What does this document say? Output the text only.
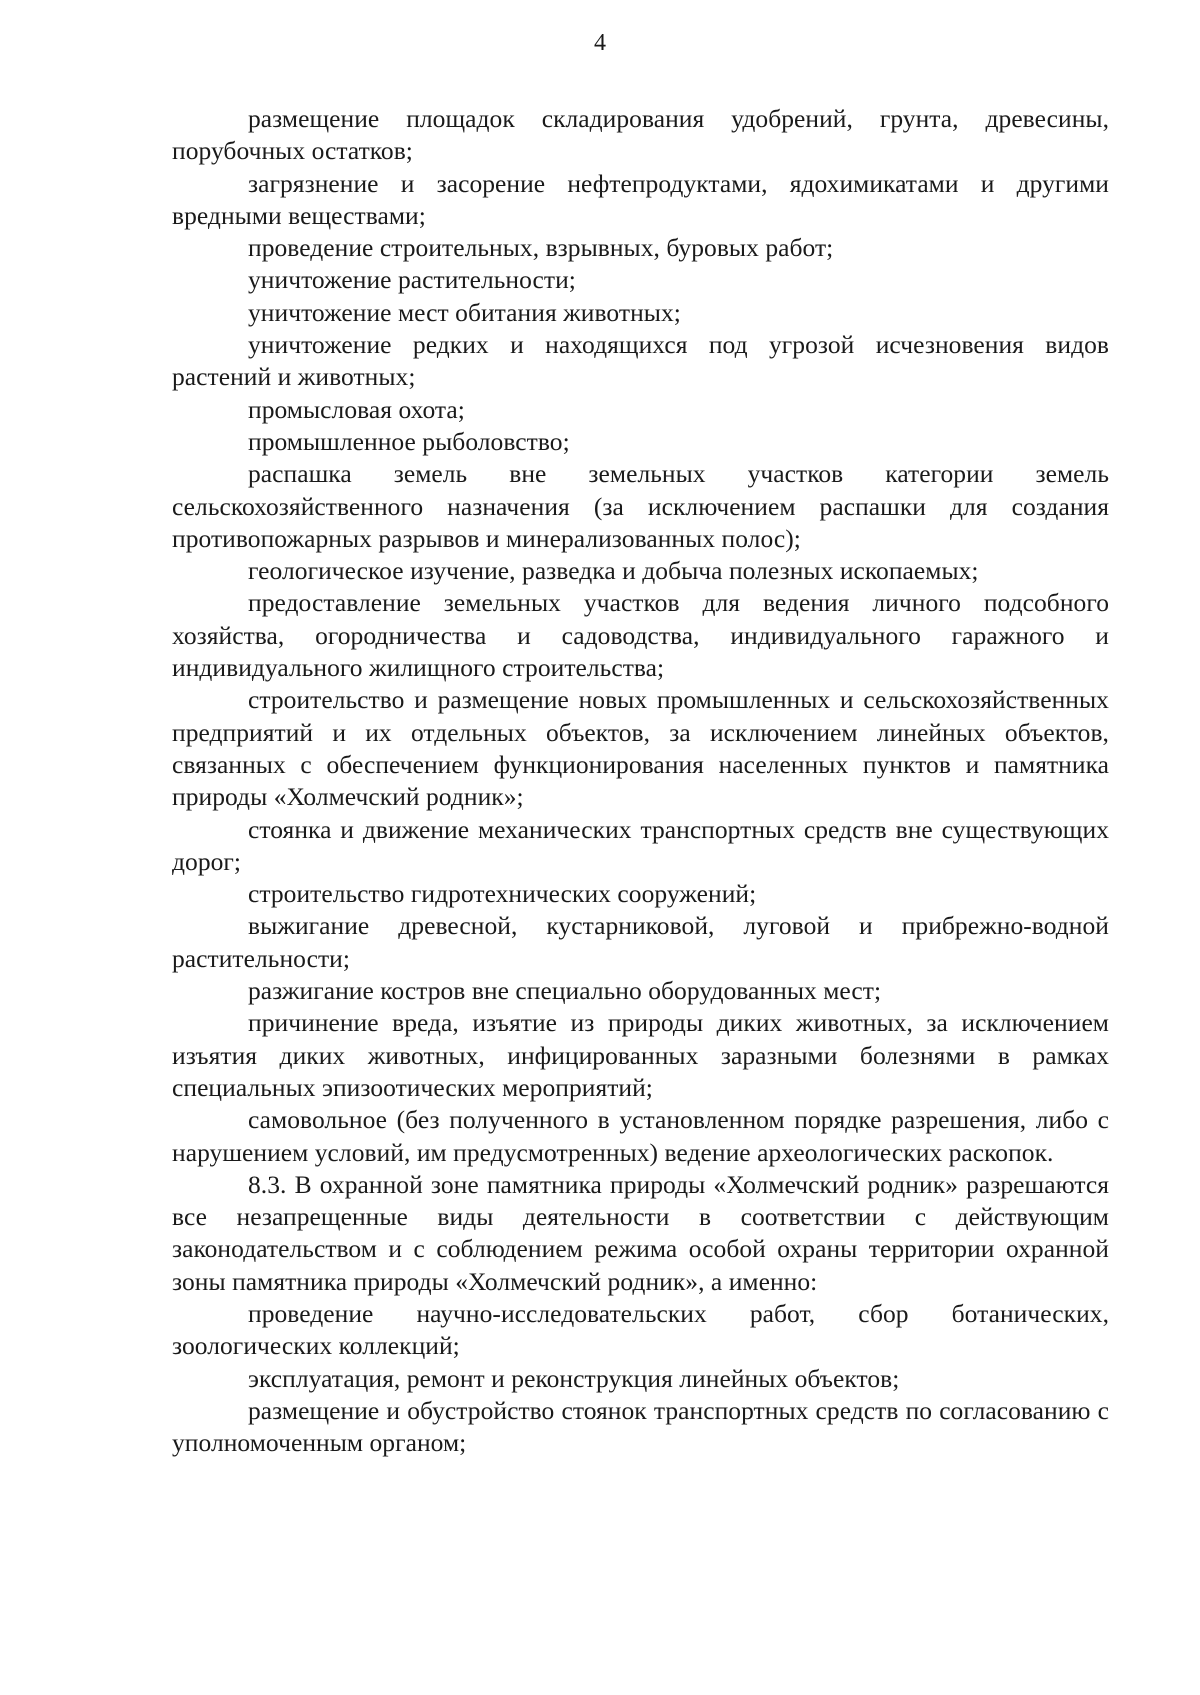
4

размещение площадок складирования удобрений, грунта, древесины, порубочных остатков;

загрязнение и засорение нефтепродуктами, ядохимикатами и другими вредными веществами;

проведение строительных, взрывных, буровых работ;

уничтожение растительности;

уничтожение мест обитания животных;

уничтожение редких и находящихся под угрозой исчезновения видов растений и животных;

промысловая охота;

промышленное рыболовство;

распашка земель вне земельных участков категории земель сельскохозяйственного назначения (за исключением распашки для создания противопожарных разрывов и минерализованных полос);

геологическое изучение, разведка и добыча полезных ископаемых;

предоставление земельных участков для ведения личного подсобного хозяйства, огородничества и садоводства, индивидуального гаражного и индивидуального жилищного строительства;

строительство и размещение новых промышленных и сельскохозяйственных предприятий и их отдельных объектов, за исключением линейных объектов, связанных с обеспечением функционирования населенных пунктов и памятника природы «Холмечский родник»;

стоянка и движение механических транспортных средств вне существующих дорог;

строительство гидротехнических сооружений;

выжигание древесной, кустарниковой, луговой и прибрежно-водной растительности;

разжигание костров вне специально оборудованных мест;

причинение вреда, изъятие из природы диких животных, за исключением изъятия диких животных, инфицированных заразными болезнями в рамках специальных эпизоотических мероприятий;

самовольное (без полученного в установленном порядке разрешения, либо с нарушением условий, им предусмотренных) ведение археологических раскопок.

8.3. В охранной зоне памятника природы «Холмечский родник» разрешаются все незапрещенные виды деятельности в соответствии с действующим законодательством и с соблюдением режима особой охраны территории охранной зоны памятника природы «Холмечский родник», а именно:

проведение научно-исследовательских работ, сбор ботанических, зоологических коллекций;

эксплуатация, ремонт и реконструкция линейных объектов;

размещение и обустройство стоянок транспортных средств по согласованию с уполномоченным органом;
